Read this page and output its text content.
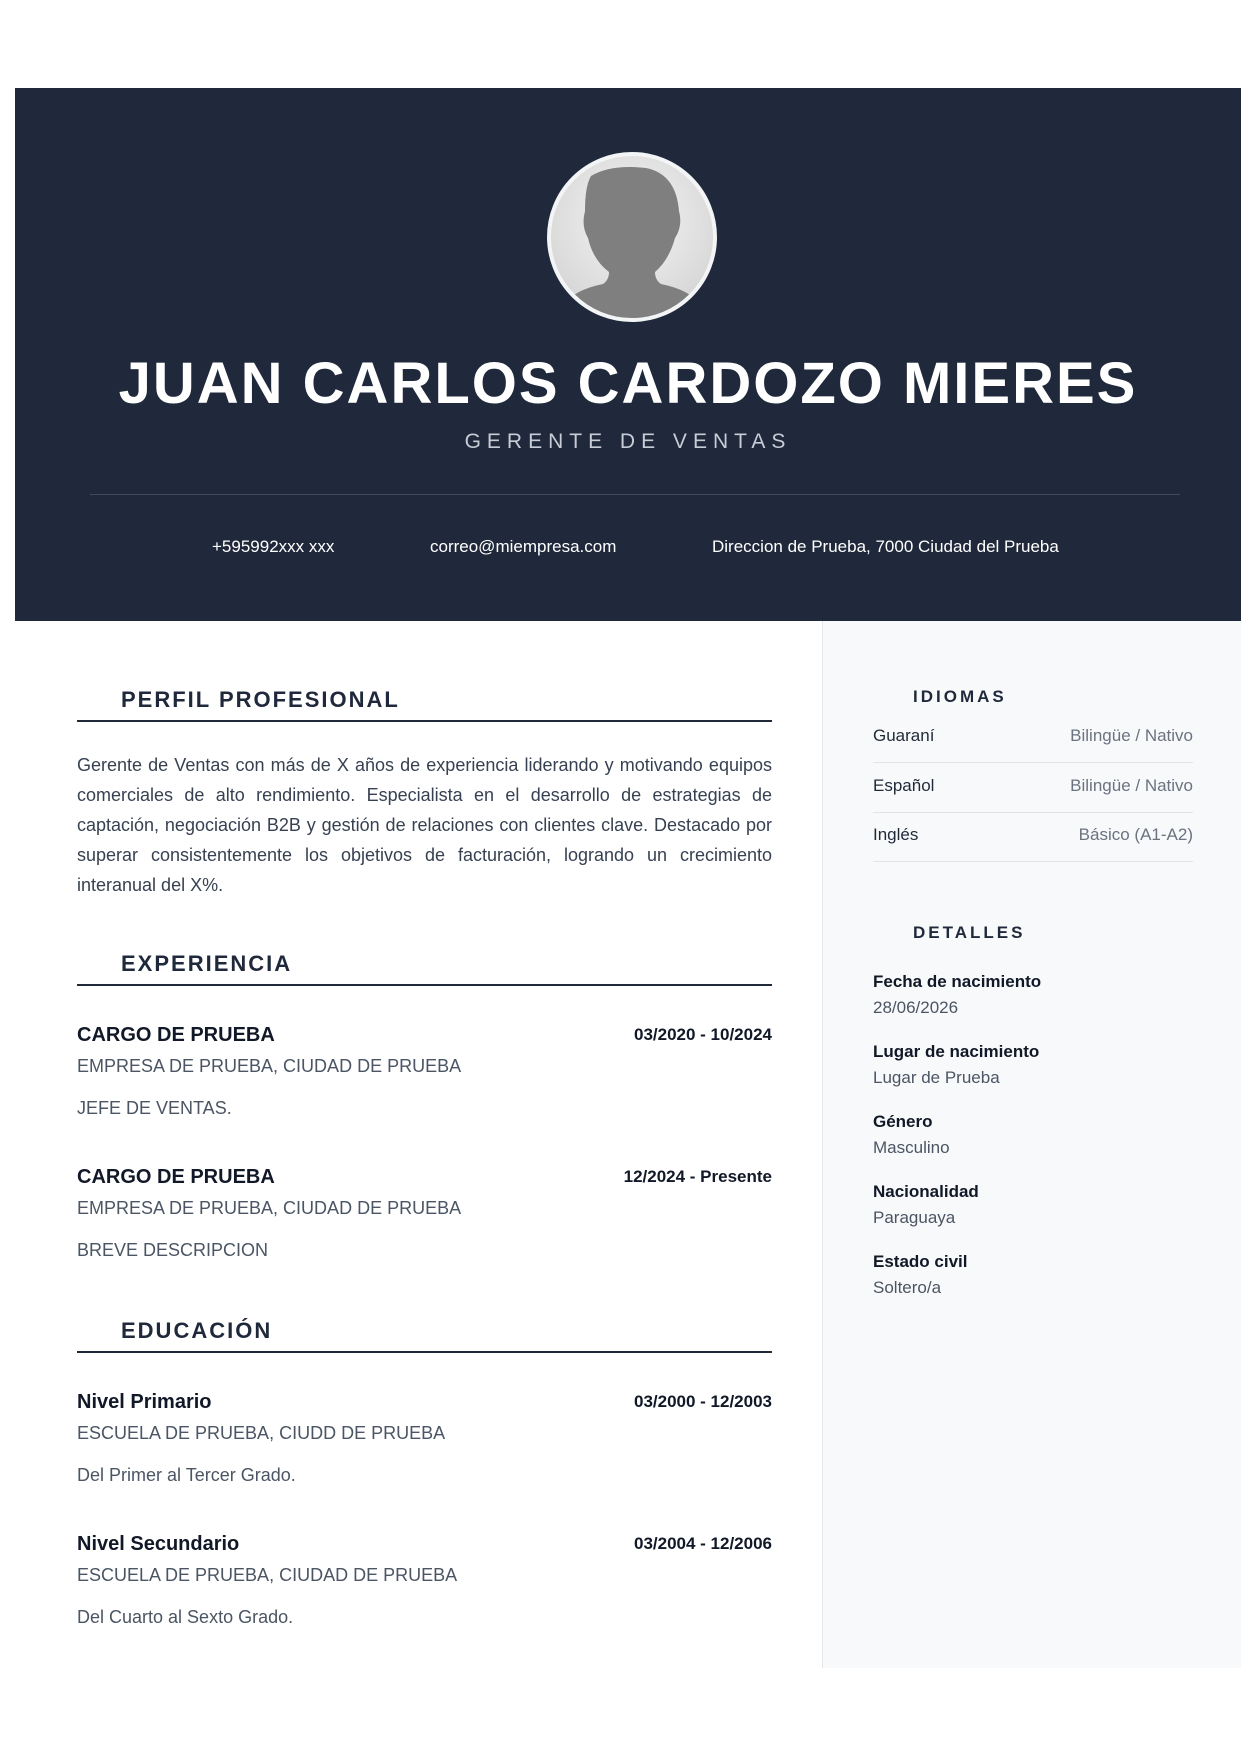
JUAN CARLOS CARDOZO MIERES
GERENTE DE VENTAS
+595992xxx xxx	correo@miempresa.com	Direccion de Prueba, 7000 Ciudad del Prueba
PERFIL PROFESIONAL
Gerente de Ventas con más de X años de experiencia liderando y motivando equipos comerciales de alto rendimiento. Especialista en el desarrollo de estrategias de captación, negociación B2B y gestión de relaciones con clientes clave. Destacado por superar consistentemente los objetivos de facturación, logrando un crecimiento interanual del X%.
EXPERIENCIA
CARGO DE PRUEBA	03/2020 - 10/2024
EMPRESA DE PRUEBA, CIUDAD DE PRUEBA
JEFE DE VENTAS.
CARGO DE PRUEBA	12/2024 - Presente
EMPRESA DE PRUEBA, CIUDAD DE PRUEBA
BREVE DESCRIPCION
EDUCACIÓN
Nivel Primario	03/2000 - 12/2003
ESCUELA DE PRUEBA, CIUDD DE PRUEBA
Del Primer al Tercer Grado.
Nivel Secundario	03/2004 - 12/2006
ESCUELA DE PRUEBA, CIUDAD DE PRUEBA
Del Cuarto al Sexto Grado.
IDIOMAS
Guaraní	Bilingüe / Nativo
Español	Bilingüe / Nativo
Inglés	Básico (A1-A2)
DETALLES
Fecha de nacimiento
28/06/2026
Lugar de nacimiento
Lugar de Prueba
Género
Masculino
Nacionalidad
Paraguaya
Estado civil
Soltero/a
